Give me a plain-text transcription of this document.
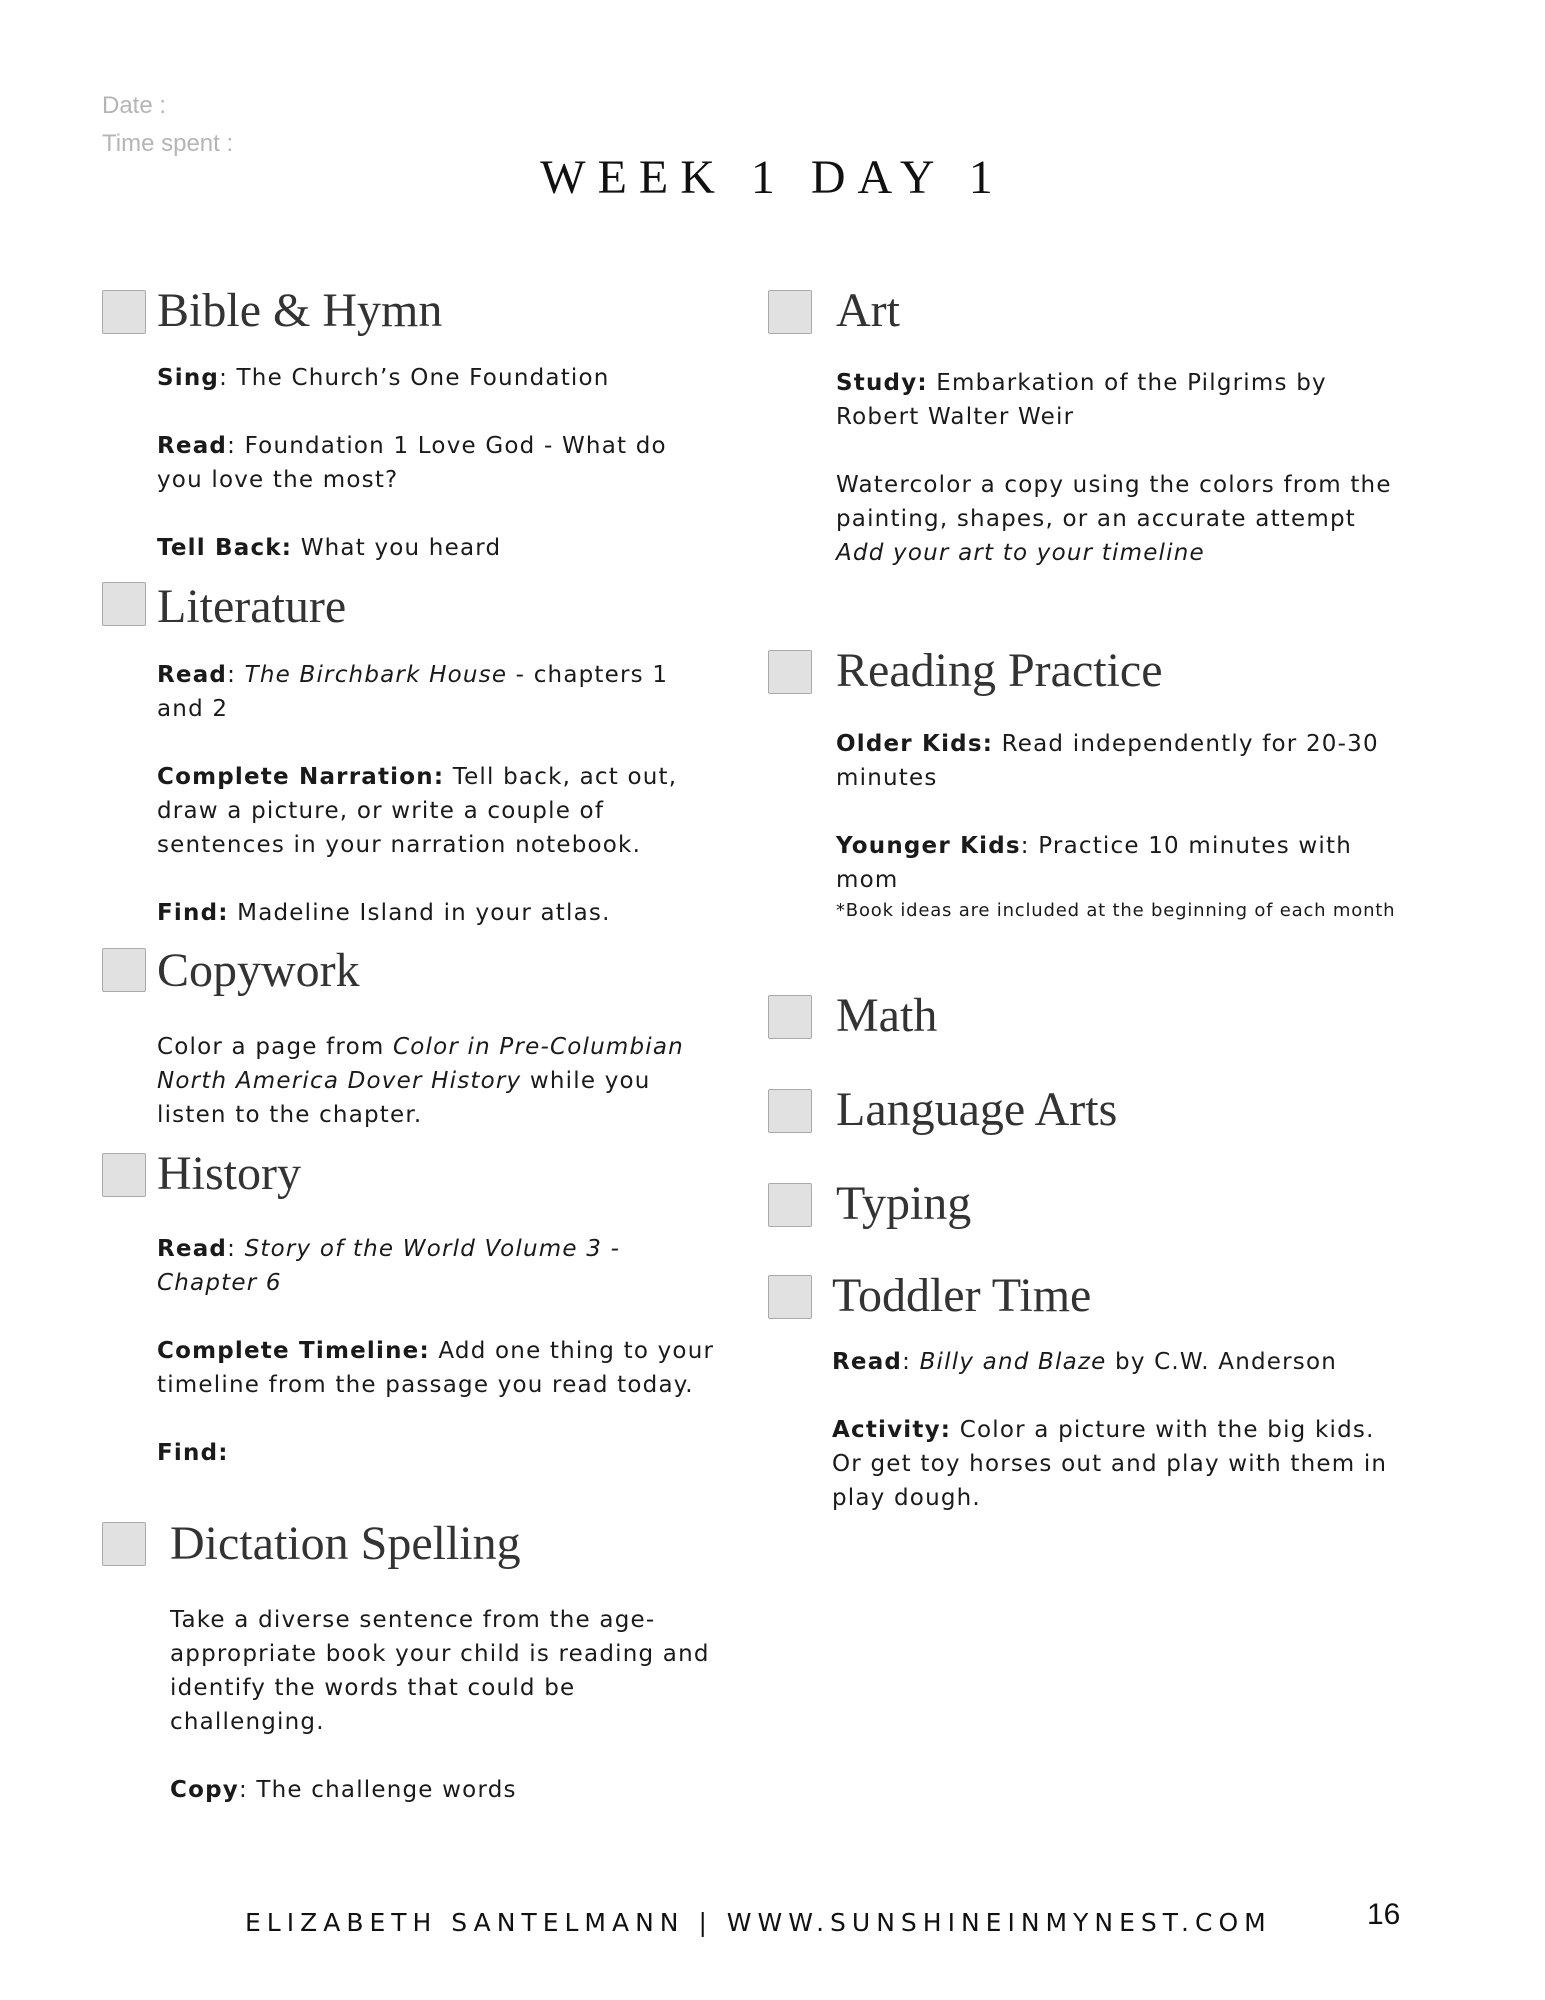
Date :
Time spent :
WEEK 1 DAY 1
Bible & Hymn

Sing: The Church’s One Foundation

Read: Foundation 1 Love God - What do you love the most?

Tell Back: What you heard

Literature

Read: The Birchbark House - chapters 1 and 2

Complete Narration: Tell back, act out, draw a picture, or write a couple of sentences in your narration notebook.

Find: Madeline Island in your atlas.

Copywork

Color a page from Color in Pre-Columbian North America Dover History while you listen to the chapter.

History

Read: Story of the World Volume 3 - Chapter 6

Complete Timeline: Add one thing to your timeline from the passage you read today.

Find:

Dictation Spelling

Take a diverse sentence from the age-appropriate book your child is reading and identify the words that could be challenging.

Copy: The challenge words

Art

Study: Embarkation of the Pilgrims by Robert Walter Weir

Watercolor a copy using the colors from the painting, shapes, or an accurate attempt

Add your art to your timeline

Reading Practice

Older Kids: Read independently for 20-30 minutes

Younger Kids: Practice 10 minutes with mom

*Book ideas are included at the beginning of each month

Math
Language Arts
Typing
Toddler Time

Read: Billy and Blaze by C.W. Anderson

Activity: Color a picture with the big kids. Or get toy horses out and play with them in play dough.

ELIZABETH SANTELMANN | WWW.SUNSHINEINMYNEST.COM	16
